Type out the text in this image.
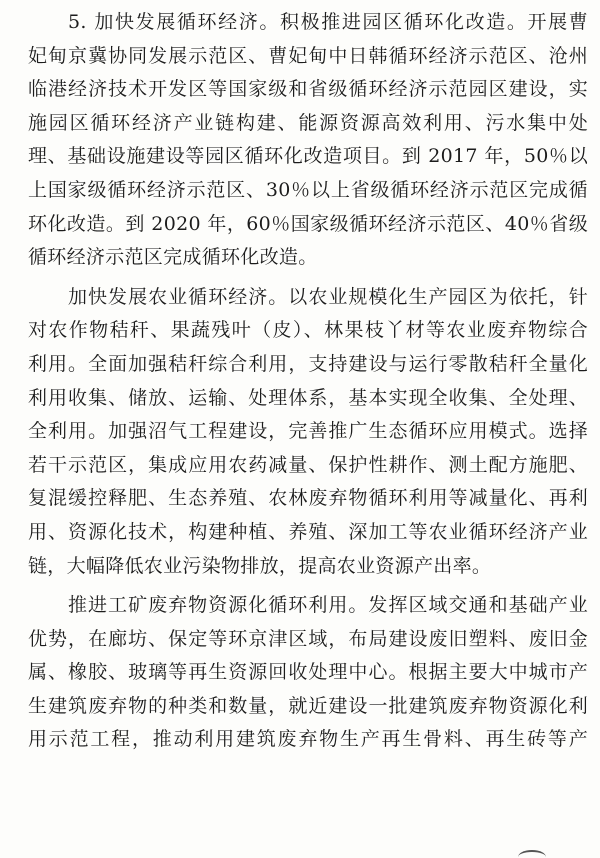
5. 加快发展循环经济。积极推进园区循环化改造。开展曹
妃甸京冀协同发展示范区、曹妃甸中日韩循环经济示范区、沧州
临港经济技术开发区等国家级和省级循环经济示范园区建设，实
施园区循环经济产业链构建、能源资源高效利用、污水集中处
理、基础设施建设等园区循环化改造项目。到 2017 年，50％以
上国家级循环经济示范区、30％以上省级循环经济示范区完成循
环化改造。到 2020 年，60％国家级循环经济示范区、40％省级
循环经济示范区完成循环化改造。
加快发展农业循环经济。以农业规模化生产园区为依托，针
对农作物秸秆、果蔬残叶（皮）、林果枝丫材等农业废弃物综合
利用。全面加强秸秆综合利用，支持建设与运行零散秸秆全量化
利用收集、储放、运输、处理体系，基本实现全收集、全处理、
全利用。加强沼气工程建设，完善推广生态循环应用模式。选择
若干示范区，集成应用农药减量、保护性耕作、测土配方施肥、
复混缓控释肥、生态养殖、农林废弃物循环利用等减量化、再利
用、资源化技术，构建种植、养殖、深加工等农业循环经济产业
链，大幅降低农业污染物排放，提高农业资源产出率。
推进工矿废弃物资源化循环利用。发挥区域交通和基础产业
优势，在廊坊、保定等环京津区域，布局建设废旧塑料、废旧金
属、橡胶、玻璃等再生资源回收处理中心。根据主要大中城市产
生建筑废弃物的种类和数量，就近建设一批建筑废弃物资源化利
用示范工程，推动利用建筑废弃物生产再生骨料、再生砖等产
